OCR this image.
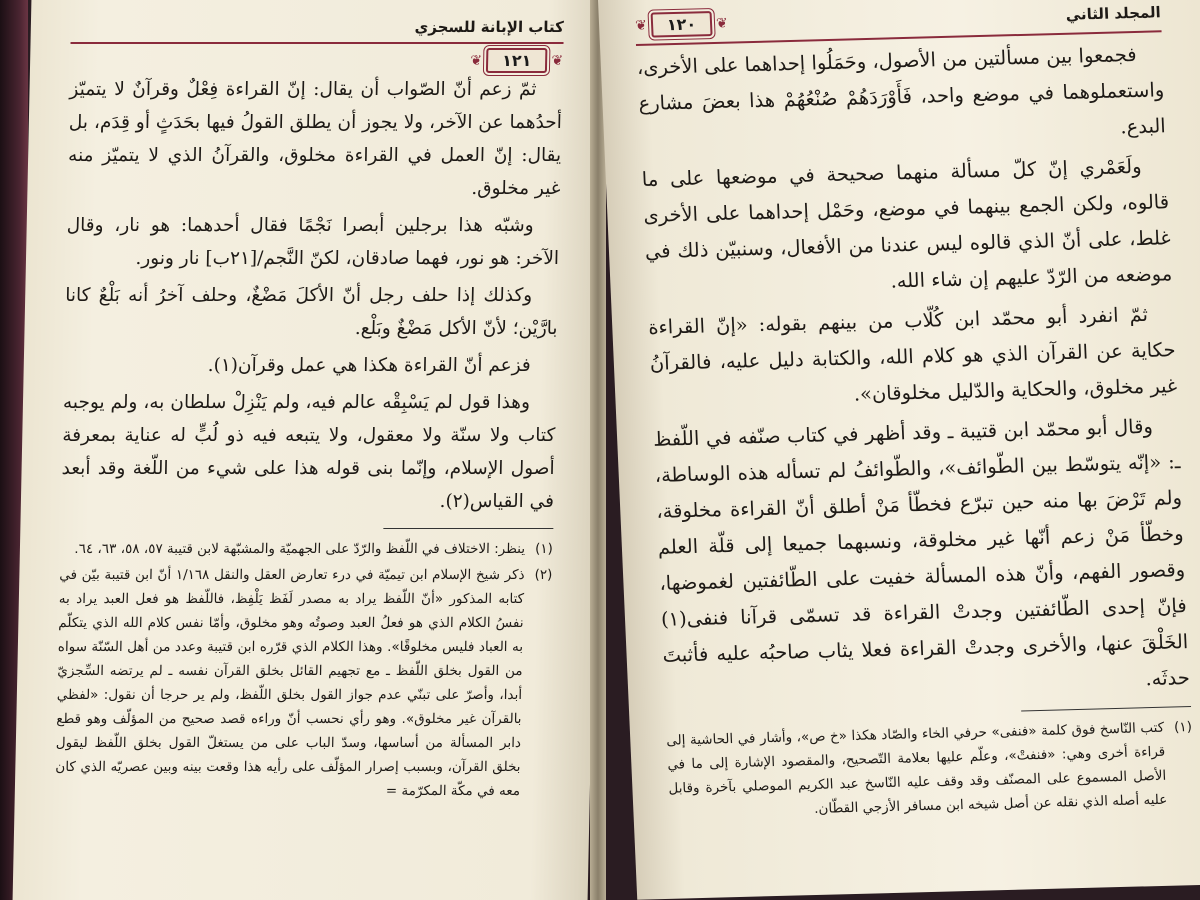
كتاب الإبانة للسجزي
❦
١٢١
❦

ثمّ زعم أنّ الصّواب أن يقال: إنّ القراءة فِعْلٌ وقرآنٌ لا يتميّز أحدُهما عن الآخر، ولا يجوز أن يطلق القولُ فيها بحَدَثٍ أو قِدَم، بل يقال: إنّ العمل في القراءة مخلوق، والقرآنُ الذي لا يتميّز منه غير مخلوق.

وشبّه هذا برجلين أبصرا نَجْمًا فقال أحدهما: هو نار، وقال الآخر: هو نور، فهما صادقان، لكنّ النَّجم/[٢١ب] نار ونور.

وكذلك إذا حلف رجل أنّ الأكلَ مَضْغٌ، وحلف آخرُ أنه بَلْعٌ كانا بارَّيْن؛ لأنّ الأكل مَضْغٌ وبَلْع.

فزعم أنّ القراءة هكذا هي عمل وقرآن(١).

وهذا قول لم يَسْبِقْه عالم فيه، ولم يَنْزِلْ سلطان به، ولم يوجبه كتاب ولا سنّة ولا معقول، ولا يتبعه فيه ذو لُبٍّ له عناية بمعرفة أصول الإسلام، وإنّما بنى قوله هذا على شيء من اللّغة وقد أبعد في القياس(٢).

(١)
ينظر: الاختلاف في اللّفظ والرّدّ على الجهميّة والمشبّهة لابن قتيبة ٥٧، ٥٨، ٦٣، ٦٤.
(٢)
ذكر شيخ الإسلام ابن تيميّة في درء تعارض العقل والنقل ١/١٦٨ أنّ ابن قتيبة بيّن في كتابه المذكور «أنّ اللّفظ يراد به مصدر لَفَظ يَلْفِظ، فاللّفظ هو فعل العبد يراد به نفسُ الكلام الذي هو فعلُ العبد وصوتُه وهو مخلوق، وأمّا نفس كلام الله الذي يتكلّم به العباد فليس مخلوقًا». وهذا الكلام الذي قرّره ابن قتيبة وعدد من أهل السّنّة سواه من القول بخلق اللّفظ ـ مع تجهيم القائل بخلق القرآن نفسه ـ لم يرتضه السِّجزيّ أبدا، وأصرّ على تبنّي عدم جواز القول بخلق اللّفظ، ولم ير حرجا أن نقول: «لفظي بالقرآن غير مخلوق». وهو رأي نحسب أنّ وراءه قصد صحيح من المؤلّف وهو قطع دابر المسألة من أساسها، وسدّ الباب على من يستغلّ القول بخلق اللّفظ ليقول بخلق القرآن، وبسبب إصرار المؤلّف على رأيه هذا وقعت بينه وبين عصريّه الذي كان معه في مكّة المكرّمة =
المجلد الثاني
❦
١٢٠
❦

فجمعوا بين مسألتين من الأصول، وحَمَلُوا إحداهما على الأخرى، واستعملوهما في موضع واحد، فَأَوْرَدَهُمْ صُنْعُهُمْ هذا بعضَ مشارع البدع.

ولَعَمْري إنّ كلّ مسألة منهما صحيحة في موضعها على ما قالوه، ولكن الجمع بينهما في موضع، وحَمْل إحداهما على الأخرى غلط، على أنّ الذي قالوه ليس عندنا من الأفعال، وسنبيّن ذلك في موضعه من الرّدّ عليهم إن شاء الله.

ثمّ انفرد أبو محمّد ابن كُلّاب من بينهم بقوله: «إنّ القراءة حكاية عن القرآن الذي هو كلام الله، والكتابة دليل عليه، فالقرآنُ غير مخلوق، والحكاية والدّليل مخلوقان».

وقال أبو محمّد ابن قتيبة ـ وقد أظهر في كتاب صنّفه في اللّفظ ـ: «إنّه يتوسّط بين الطّوائف»، والطّوائفُ لم تسأله هذه الوساطة، ولم تَرْضَ بها منه حين تبرّع فخطّأ مَنْ أطلق أنّ القراءة مخلوقة، وخطّأ مَنْ زعم أنّها غير مخلوقة، ونسبهما جميعا إلى قلّة العلم وقصور الفهم، وأنّ هذه المسألة خفيت على الطّائفتين لغموضها، فإنّ إحدى الطّائفتين وجدتْ القراءة قد تسمّى قرآنا فنفى(١) الخَلْقَ عنها، والأخرى وجدتْ القراءة فعلا يثاب صاحبُه عليه فأثبتَ حدثَه.

(١)
كتب النّاسخ فوق كلمة «فنفى» حرفي الخاء والصّاد هكذا «خ ص»، وأشار في الحاشية إلى قراءة أخرى وهي: «فنفتْ»، وعلّم عليها بعلامة التّصحيح، والمقصود الإشارة إلى ما في الأصل المسموع على المصنّف وقد وقف عليه النّاسخ عبد الكريم الموصلي بآخرة وقابل عليه أصله الذي نقله عن أصل شيخه ابن مسافر الأزجي القطّان.
